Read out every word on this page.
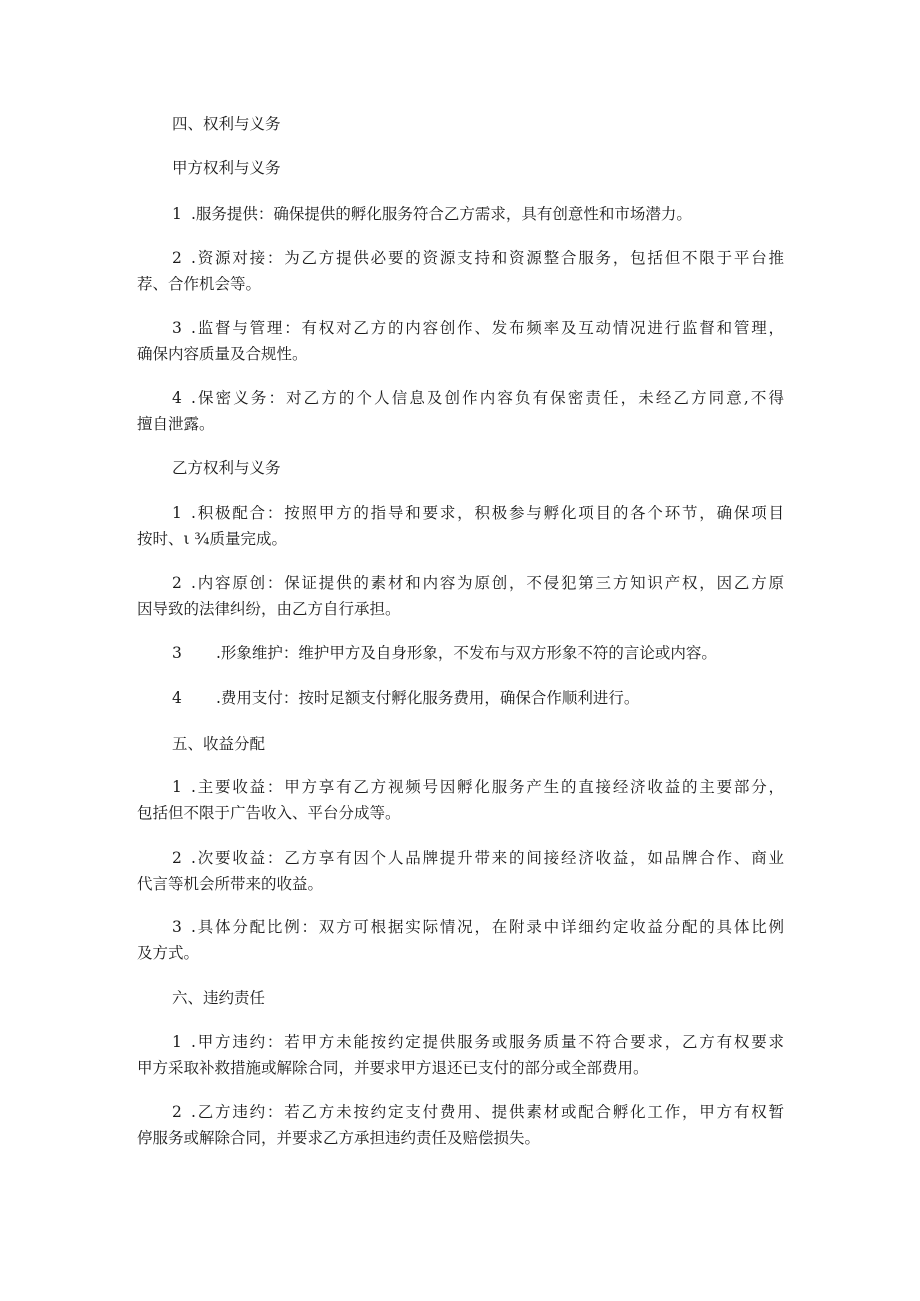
四、权利与义务
甲方权利与义务
1 .服务提供：确保提供的孵化服务符合乙方需求，具有创意性和市场潜力。
2 .资源对接：为乙方提供必要的资源支持和资源整合服务，包括但不限于平台推
荐、合作机会等。
3 .监督与管理：有权对乙方的内容创作、发布频率及互动情况进行监督和管理，
确保内容质量及合规性。
4 .保密义务：对乙方的个人信息及创作内容负有保密责任，未经乙方同意,不得
擅自泄露。
乙方权利与义务
1 .积极配合：按照甲方的指导和要求，积极参与孵化项目的各个环节，确保项目
按时、ι ¾质量完成。
2 .内容原创：保证提供的素材和内容为原创，不侵犯第三方知识产权，因乙方原
因导致的法律纠纷，由乙方自行承担。
3 .形象维护：维护甲方及自身形象，不发布与双方形象不符的言论或内容。
4 .费用支付：按时足额支付孵化服务费用，确保合作顺利进行。
五、收益分配
1 .主要收益：甲方享有乙方视频号因孵化服务产生的直接经济收益的主要部分，
包括但不限于广告收入、平台分成等。
2 .次要收益：乙方享有因个人品牌提升带来的间接经济收益，如品牌合作、商业
代言等机会所带来的收益。
3 .具体分配比例：双方可根据实际情况，在附录中详细约定收益分配的具体比例
及方式。
六、违约责任
1 .甲方违约：若甲方未能按约定提供服务或服务质量不符合要求，乙方有权要求
甲方采取补救措施或解除合同，并要求甲方退还已支付的部分或全部费用。
2 .乙方违约：若乙方未按约定支付费用、提供素材或配合孵化工作，甲方有权暂
停服务或解除合同，并要求乙方承担违约责任及赔偿损失。
